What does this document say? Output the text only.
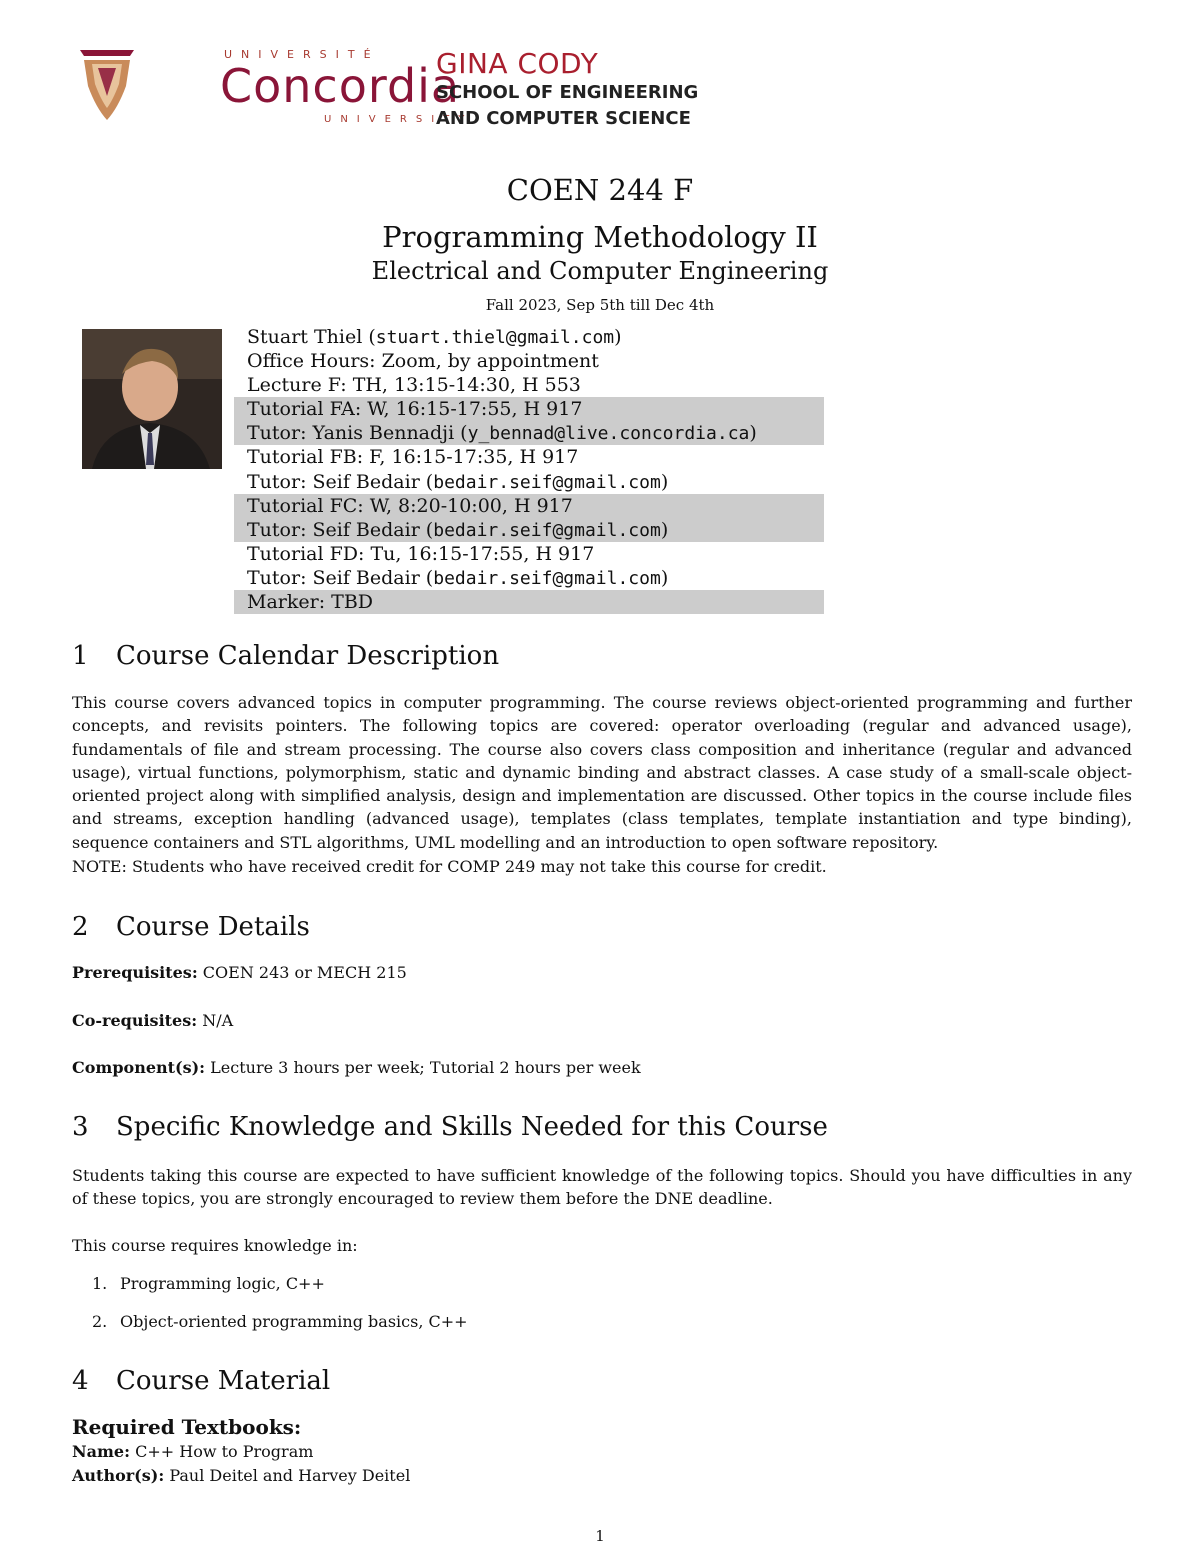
UNIVERSITÉ
Concordia
UNIVERSITY
GINA CODY
SCHOOL OF ENGINEERING
AND COMPUTER SCIENCE
COEN 244 F
Programming Methodology II
Electrical and Computer Engineering
Fall 2023, Sep 5th till Dec 4th
Stuart Thiel (stuart.thiel@gmail.com)
Office Hours: Zoom, by appointment
Lecture F: TH, 13:15-14:30, H 553
Tutorial FA: W, 16:15-17:55, H 917
Tutor: Yanis Bennadji (y_bennad@live.concordia.ca)
Tutorial FB: F, 16:15-17:35, H 917
Tutor: Seif Bedair (bedair.seif@gmail.com)
Tutorial FC: W, 8:20-10:00, H 917
Tutor: Seif Bedair (bedair.seif@gmail.com)
Tutorial FD: Tu, 16:15-17:55, H 917
Tutor: Seif Bedair (bedair.seif@gmail.com)
Marker: TBD
1 Course Calendar Description
This course covers advanced topics in computer programming. The course reviews object-oriented programming and further concepts, and revisits pointers. The following topics are covered: operator overloading (regular and advanced usage), fundamentals of file and stream processing. The course also covers class composition and inheritance (regular and advanced usage), virtual functions, polymorphism, static and dynamic binding and abstract classes. A case study of a small-scale object-oriented project along with simplified analysis, design and implementation are discussed. Other topics in the course include files and streams, exception handling (advanced usage), templates (class templates, template instantiation and type binding), sequence containers and STL algorithms, UML modelling and an introduction to open software repository.
NOTE: Students who have received credit for COMP 249 may not take this course for credit.
2 Course Details
Prerequisites: COEN 243 or MECH 215
Co-requisites: N/A
Component(s): Lecture 3 hours per week; Tutorial 2 hours per week
3 Specific Knowledge and Skills Needed for this Course
Students taking this course are expected to have sufficient knowledge of the following topics. Should you have difficulties in any of these topics, you are strongly encouraged to review them before the DNE deadline.
This course requires knowledge in:
1. Programming logic, C++
2. Object-oriented programming basics, C++
4 Course Material
Required Textbooks:
Name: C++ How to Program
Author(s): Paul Deitel and Harvey Deitel
1
